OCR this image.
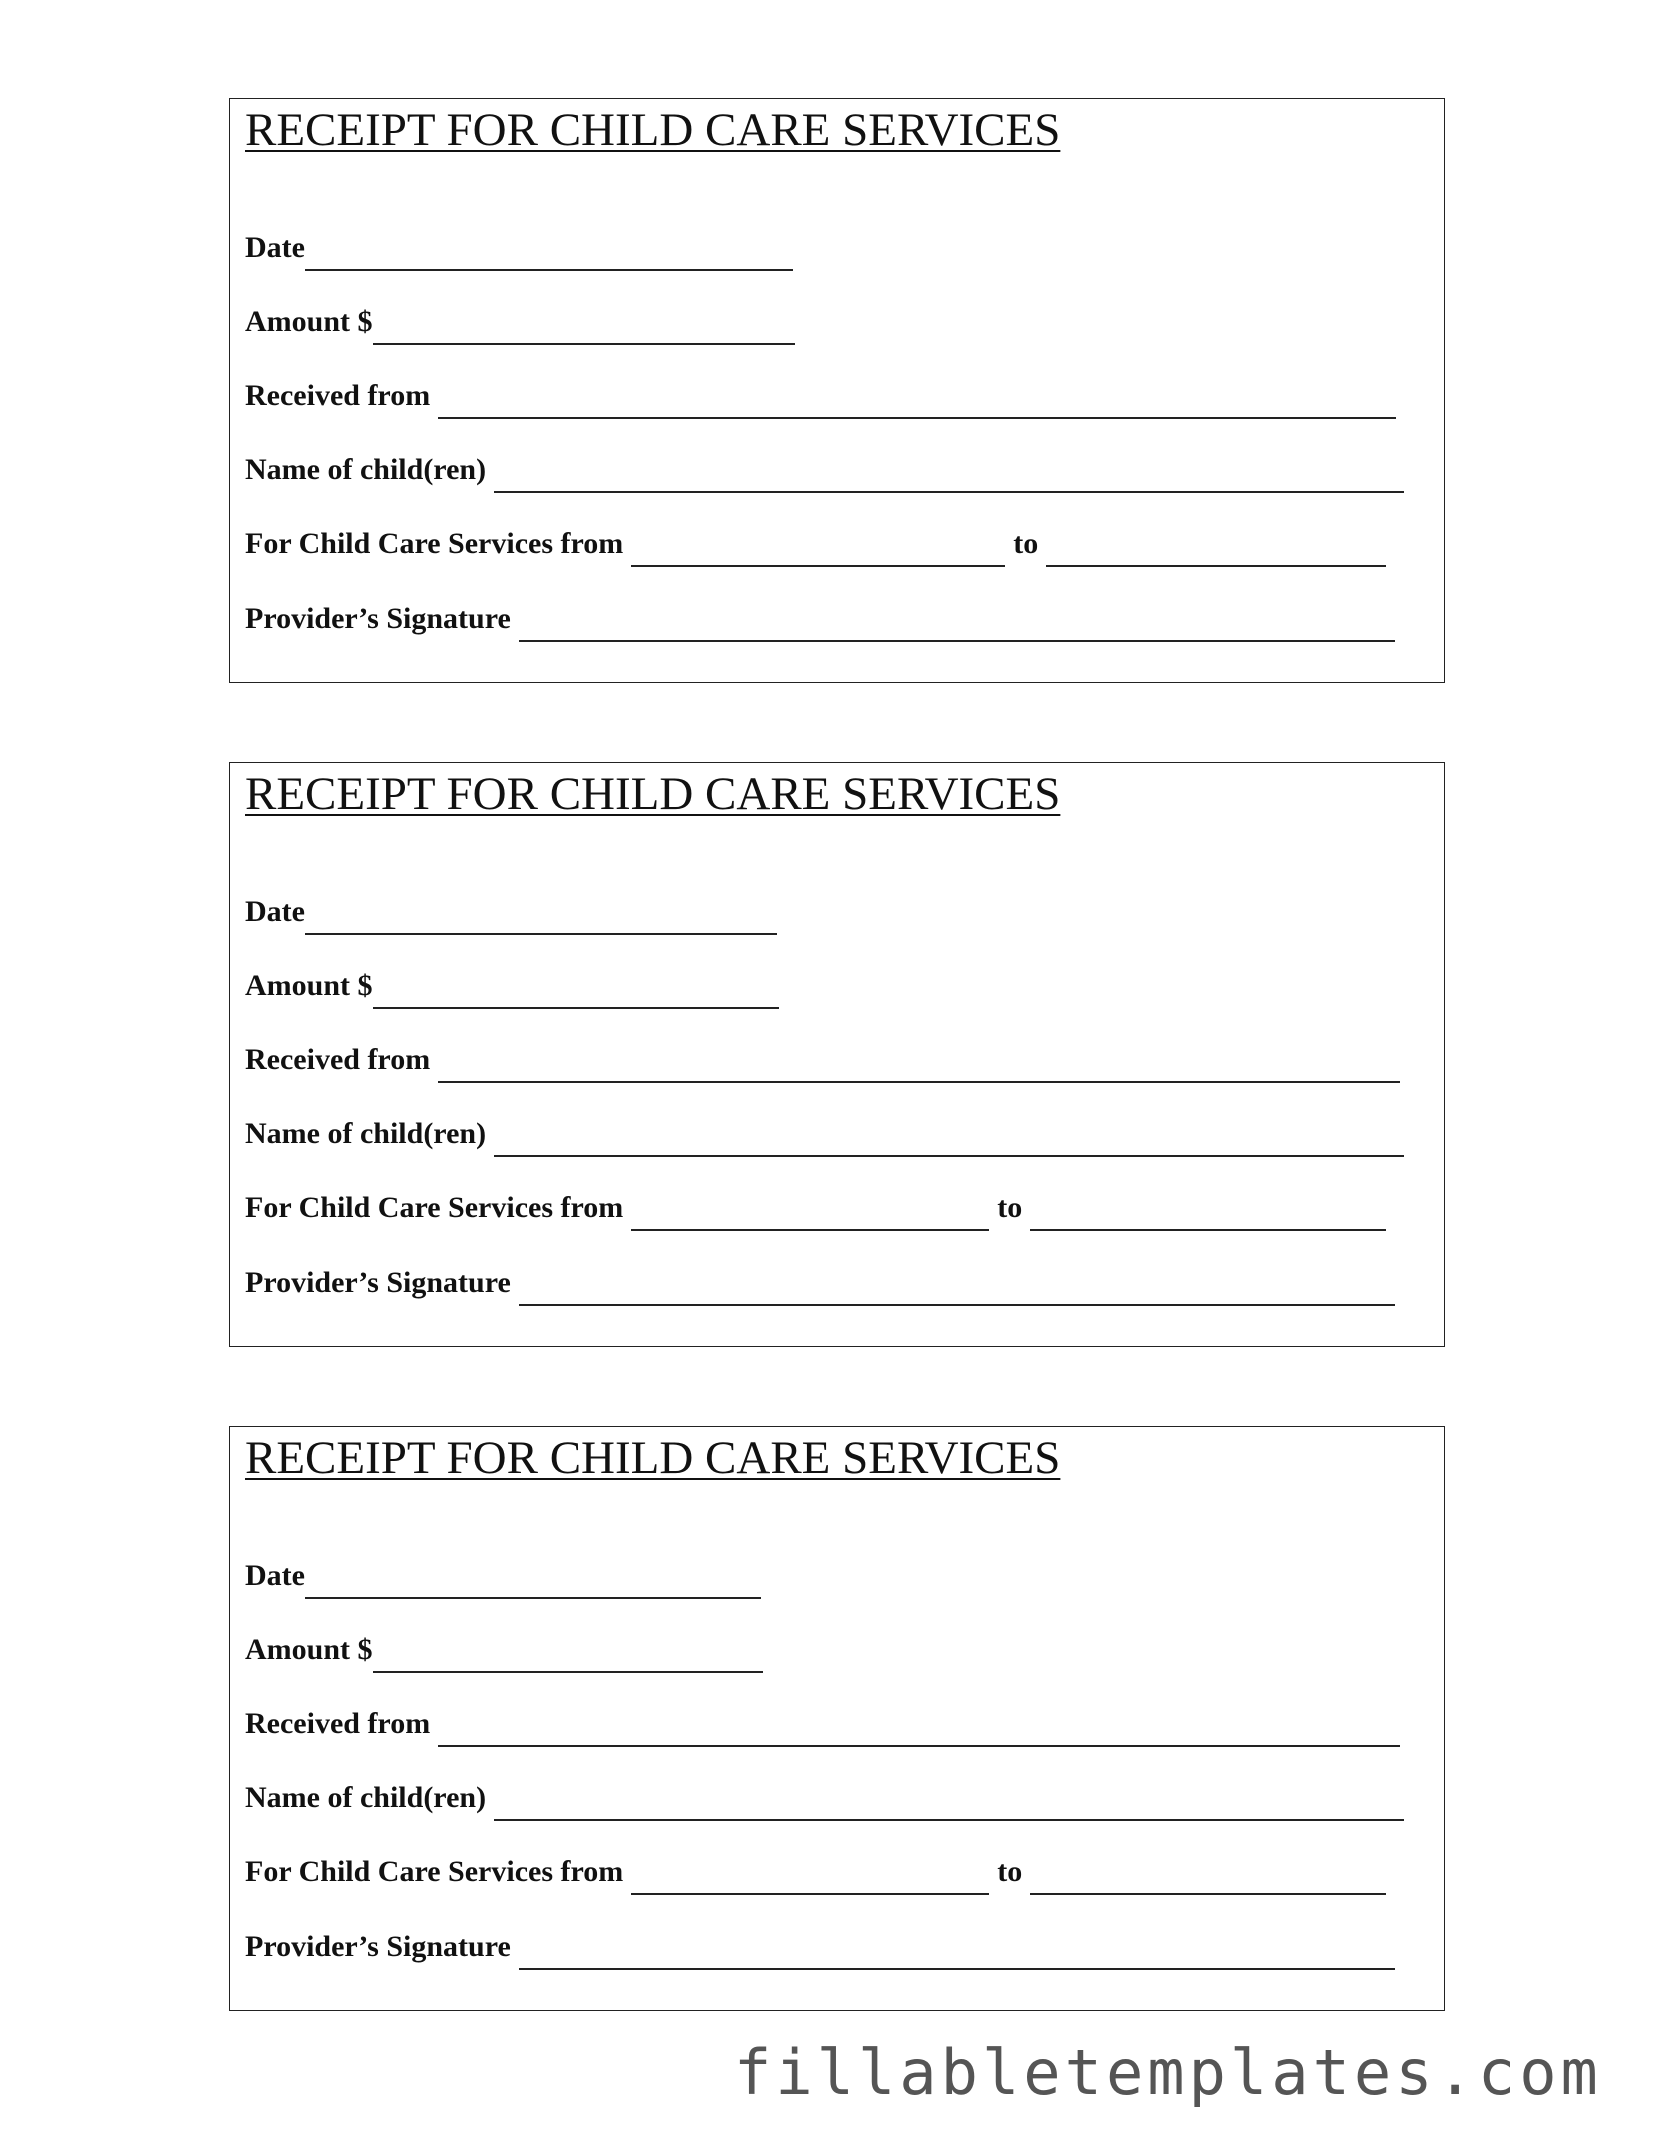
RECEIPT FOR CHILD CARE SERVICES
Date
Amount $
Received from
Name of child(ren)
For Child Care Services from	to
Provider’s Signature
RECEIPT FOR CHILD CARE SERVICES
Date
Amount $
Received from
Name of child(ren)
For Child Care Services from	to
Provider’s Signature
RECEIPT FOR CHILD CARE SERVICES
Date
Amount $
Received from
Name of child(ren)
For Child Care Services from	to
Provider’s Signature
fillabletemplates.com
